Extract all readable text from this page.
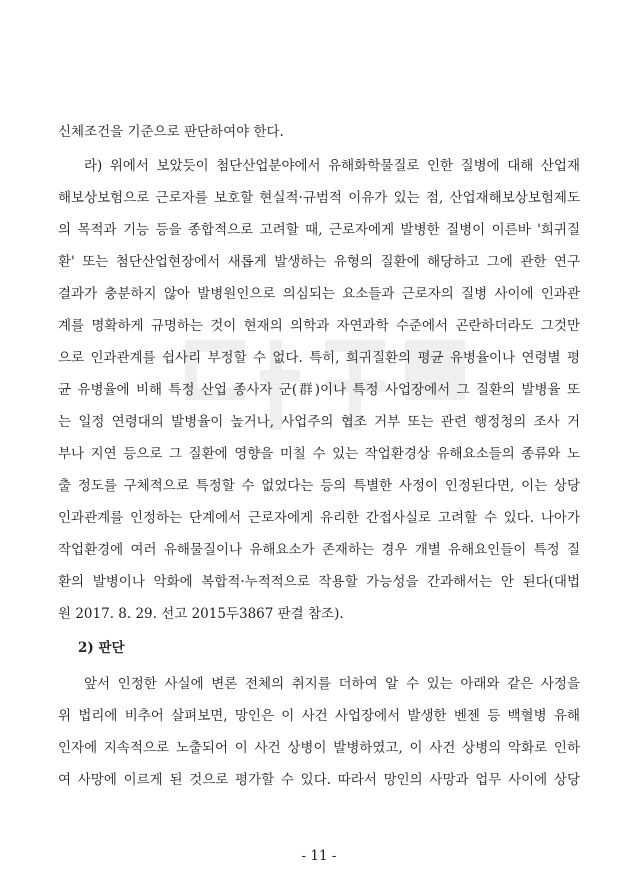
신체조건을 기준으로 판단하여야 한다.
라) 위에서 보았듯이 첨단산업분야에서 유해화학물질로 인한 질병에 대해 산업재
해보상보험으로 근로자를 보호할 현실적·규범적 이유가 있는 점, 산업재해보상보험제도
의 목적과 기능 등을 종합적으로 고려할 때, 근로자에게 발병한 질병이 이른바 '희귀질
환' 또는 첨단산업현장에서 새롭게 발생하는 유형의 질환에 해당하고 그에 관한 연구
결과가 충분하지 않아 발병원인으로 의심되는 요소들과 근로자의 질병 사이에 인과관
계를 명확하게 규명하는 것이 현재의 의학과 자연과학 수준에서 곤란하더라도 그것만
으로 인과관계를 쉽사리 부정할 수 없다. 특히, 희귀질환의 평균 유병율이나 연령별 평
균 유병율에 비해 특정 산업 종사자 군(群)이나 특정 사업장에서 그 질환의 발병율 또
는 일정 연령대의 발병율이 높거나, 사업주의 협조 거부 또는 관련 행정청의 조사 거
부나 지연 등으로 그 질환에 영향을 미칠 수 있는 작업환경상 유해요소들의 종류와 노
출 정도를 구체적으로 특정할 수 없었다는 등의 특별한 사정이 인정된다면, 이는 상당
인과관계를 인정하는 단계에서 근로자에게 유리한 간접사실로 고려할 수 있다. 나아가
작업환경에 여러 유해물질이나 유해요소가 존재하는 경우 개별 유해요인들이 특정 질
환의 발병이나 악화에 복합적·누적적으로 작용할 가능성을 간과해서는 안 된다(대법
원 2017. 8. 29. 선고 2015두3867 판결 참조).
2) 판단
앞서 인정한 사실에 변론 전체의 취지를 더하여 알 수 있는 아래와 같은 사정을
위 법리에 비추어 살펴보면, 망인은 이 사건 사업장에서 발생한 벤젠 등 백혈병 유해
인자에 지속적으로 노출되어 이 사건 상병이 발병하였고, 이 사건 상병의 악화로 인하
여 사망에 이르게 된 것으로 평가할 수 있다. 따라서 망인의 사망과 업무 사이에 상당
- 11 -
